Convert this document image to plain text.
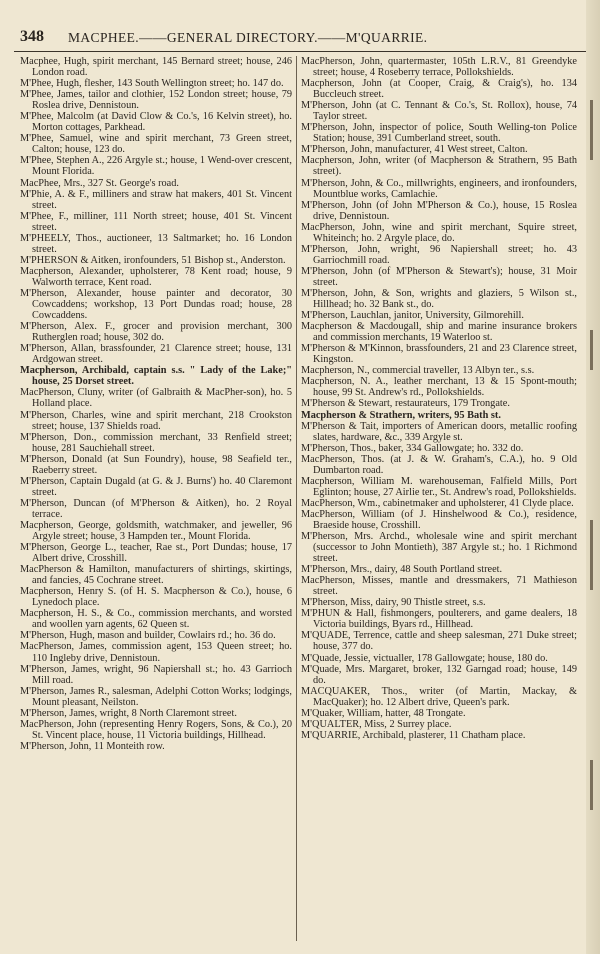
348 MACPHEE.——GENERAL DIRECTORY.——M'QUARRIE.
Macphee, Hugh, spirit merchant, 145 Bernard street; house, 246 London road.
M'Phee, Hugh, flesher, 143 South Wellington street; ho. 147 do.
M'Phee, James, tailor and clothier, 152 London street; house, 79 Roslea drive, Dennistoun.
M'Phee, Malcolm (at David Clow & Co.'s, 16 Kelvin street), ho. Morton cottages, Parkhead.
M'Phee, Samuel, wine and spirit merchant, 73 Green street, Calton; house, 123 do.
M'Phee, Stephen A., 226 Argyle st.; house, 1 Wend-over crescent, Mount Florida.
MacPhee, Mrs., 327 St. George's road.
M'Phie, A. & F., milliners and straw hat makers, 401 St. Vincent street.
M'Phee, F., milliner, 111 North street; house, 401 St. Vincent street.
M'PHEELY, Thos., auctioneer, 13 Saltmarket; ho. 16 London street.
M'PHERSON & Aitken, ironfounders, 51 Bishop st., Anderston.
Macpherson, Alexander, upholsterer, 78 Kent road; house, 9 Walworth terrace, Kent road.
M'Pherson, Alexander, house painter and decorator, 30 Cowcaddens; workshop, 13 Port Dundas road; house, 28 Cowcaddens.
M'Pherson, Alex. F., grocer and provision merchant, 300 Rutherglen road; house, 302 do.
M'Pherson, Allan, brassfounder, 21 Clarence street; house, 131 Ardgowan street.
Macpherson, Archibald, captain s.s. " Lady of the Lake;" house, 25 Dorset street.
MacPherson, Cluny, writer (of Galbraith & MacPher-son), ho. 5 Holland place.
M'Pherson, Charles, wine and spirit merchant, 218 Crookston street; house, 137 Shields road.
M'Pherson, Don., commission merchant, 33 Renfield street; house, 281 Sauchiehall street.
M'Pherson, Donald (at Sun Foundry), house, 98 Seafield ter., Raeberry street.
M'Pherson, Captain Dugald (at G. & J. Burns') ho. 40 Claremont street.
M'Pherson, Duncan (of M'Pherson & Aitken), ho. 2 Royal terrace.
Macpherson, George, goldsmith, watchmaker, and jeweller, 96 Argyle street; house, 3 Hampden ter., Mount Florida.
M'Pherson, George L., teacher, Rae st., Port Dundas; house, 17 Albert drive, Crosshill.
MacPherson & Hamilton, manufacturers of shirtings, skirtings, and fancies, 45 Cochrane street.
Macpherson, Henry S. (of H. S. Macpherson & Co.), house, 6 Lynedoch place.
Macpherson, H. S., & Co., commission merchants, and worsted and woollen yarn agents, 62 Queen st.
M'Pherson, Hugh, mason and builder, Cowlairs rd.; ho. 36 do.
MacPherson, James, commission agent, 153 Queen street; ho. 110 Ingleby drive, Dennistoun.
M'Pherson, James, wright, 96 Napiershall st.; ho. 43 Garrioch Mill road.
M'Pherson, James R., salesman, Adelphi Cotton Works; lodgings, Mount pleasant, Neilston.
M'Pherson, James, wright, 8 North Claremont street.
MacPherson, John (representing Henry Rogers, Sons, & Co.), 20 St. Vincent place, house, 11 Victoria buildings, Hillhead.
M'Pherson, John, 11 Monteith row.
MacPherson, John, quartermaster, 105th L.R.V., 81 Greendyke street; house, 4 Roseberry terrace, Pollokshields.
Macpherson, John (at Cooper, Craig, & Craig's), ho. 134 Buccleuch street.
M'Pherson, John (at C. Tennant & Co.'s, St. Rollox), house, 74 Taylor street.
M'Pherson, John, inspector of police, South Welling-ton Police Station; house, 391 Cumberland street, south.
M'Pherson, John, manufacturer, 41 West street, Calton.
Macpherson, John, writer (of Macpherson & Strathern, 95 Bath street).
M'Pherson, John, & Co., millwrights, engineers, and ironfounders, Mountblue works, Camlachie.
M'Pherson, John (of John M'Pherson & Co.), house, 15 Roslea drive, Dennistoun.
MacPherson, John, wine and spirit merchant, Squire street, Whiteinch; ho. 2 Argyle place, do.
M'Pherson, John, wright, 96 Napiershall street; ho. 43 Garriochmill road.
M'Pherson, John (of M'Pherson & Stewart's); house, 31 Moir street.
M'Pherson, John, & Son, wrights and glaziers, 5 Wilson st., Hillhead; ho. 32 Bank st., do.
M'Pherson, Lauchlan, janitor, University, Gilmorehill.
Macpherson & Macdougall, ship and marine insurance brokers and commission merchants, 19 Waterloo st.
M'Pherson & M'Kinnon, brassfounders, 21 and 23 Clarence street, Kingston.
Macpherson, N., commercial traveller, 13 Albyn ter., s.s.
Macpherson, N. A., leather merchant, 13 & 15 Spont-mouth; house, 99 St. Andrew's rd., Pollokshields.
M'Pherson & Stewart, restaurateurs, 179 Trongate.
Macpherson & Strathern, writers, 95 Bath st.
M'Pherson & Tait, importers of American doors, metallic roofing slates, hardware, &c., 339 Argyle st.
M'Pherson, Thos., baker, 334 Gallowgate; ho. 332 do.
MacPherson, Thos. (at J. & W. Graham's, C.A.), ho. 9 Old Dumbarton road.
Macpherson, William M. warehouseman, Falfield Mills, Port Eglinton; house, 27 Airlie ter., St. Andrew's road, Pollokshields.
MacPherson, Wm., cabinetmaker and upholsterer, 41 Clyde place.
MacPherson, William (of J. Hinshelwood & Co.), residence, Braeside house, Crosshill.
M'Pherson, Mrs. Archd., wholesale wine and spirit merchant (successor to John Montieth), 387 Argyle st.; ho. 1 Richmond street.
M'Pherson, Mrs., dairy, 48 South Portland street.
MacPherson, Misses, mantle and dressmakers, 71 Mathieson street.
M'Pherson, Miss, dairy, 90 Thistle street, s.s.
M'PHUN & Hall, fishmongers, poulterers, and game dealers, 18 Victoria buildings, Byars rd., Hillhead.
M'QUADE, Terrence, cattle and sheep salesman, 271 Duke street; house, 377 do.
M'Quade, Jessie, victualler, 178 Gallowgate; house, 180 do.
M'Quade, Mrs. Margaret, broker, 132 Garngad road; house, 149 do.
MACQUAKER, Thos., writer (of Martin, Mackay, & MacQuaker); ho. 12 Albert drive, Queen's park.
M'Quaker, William, hatter, 48 Trongate.
M'QUALTER, Miss, 2 Surrey place.
M'QUARRIE, Archibald, plasterer, 11 Chatham place.
